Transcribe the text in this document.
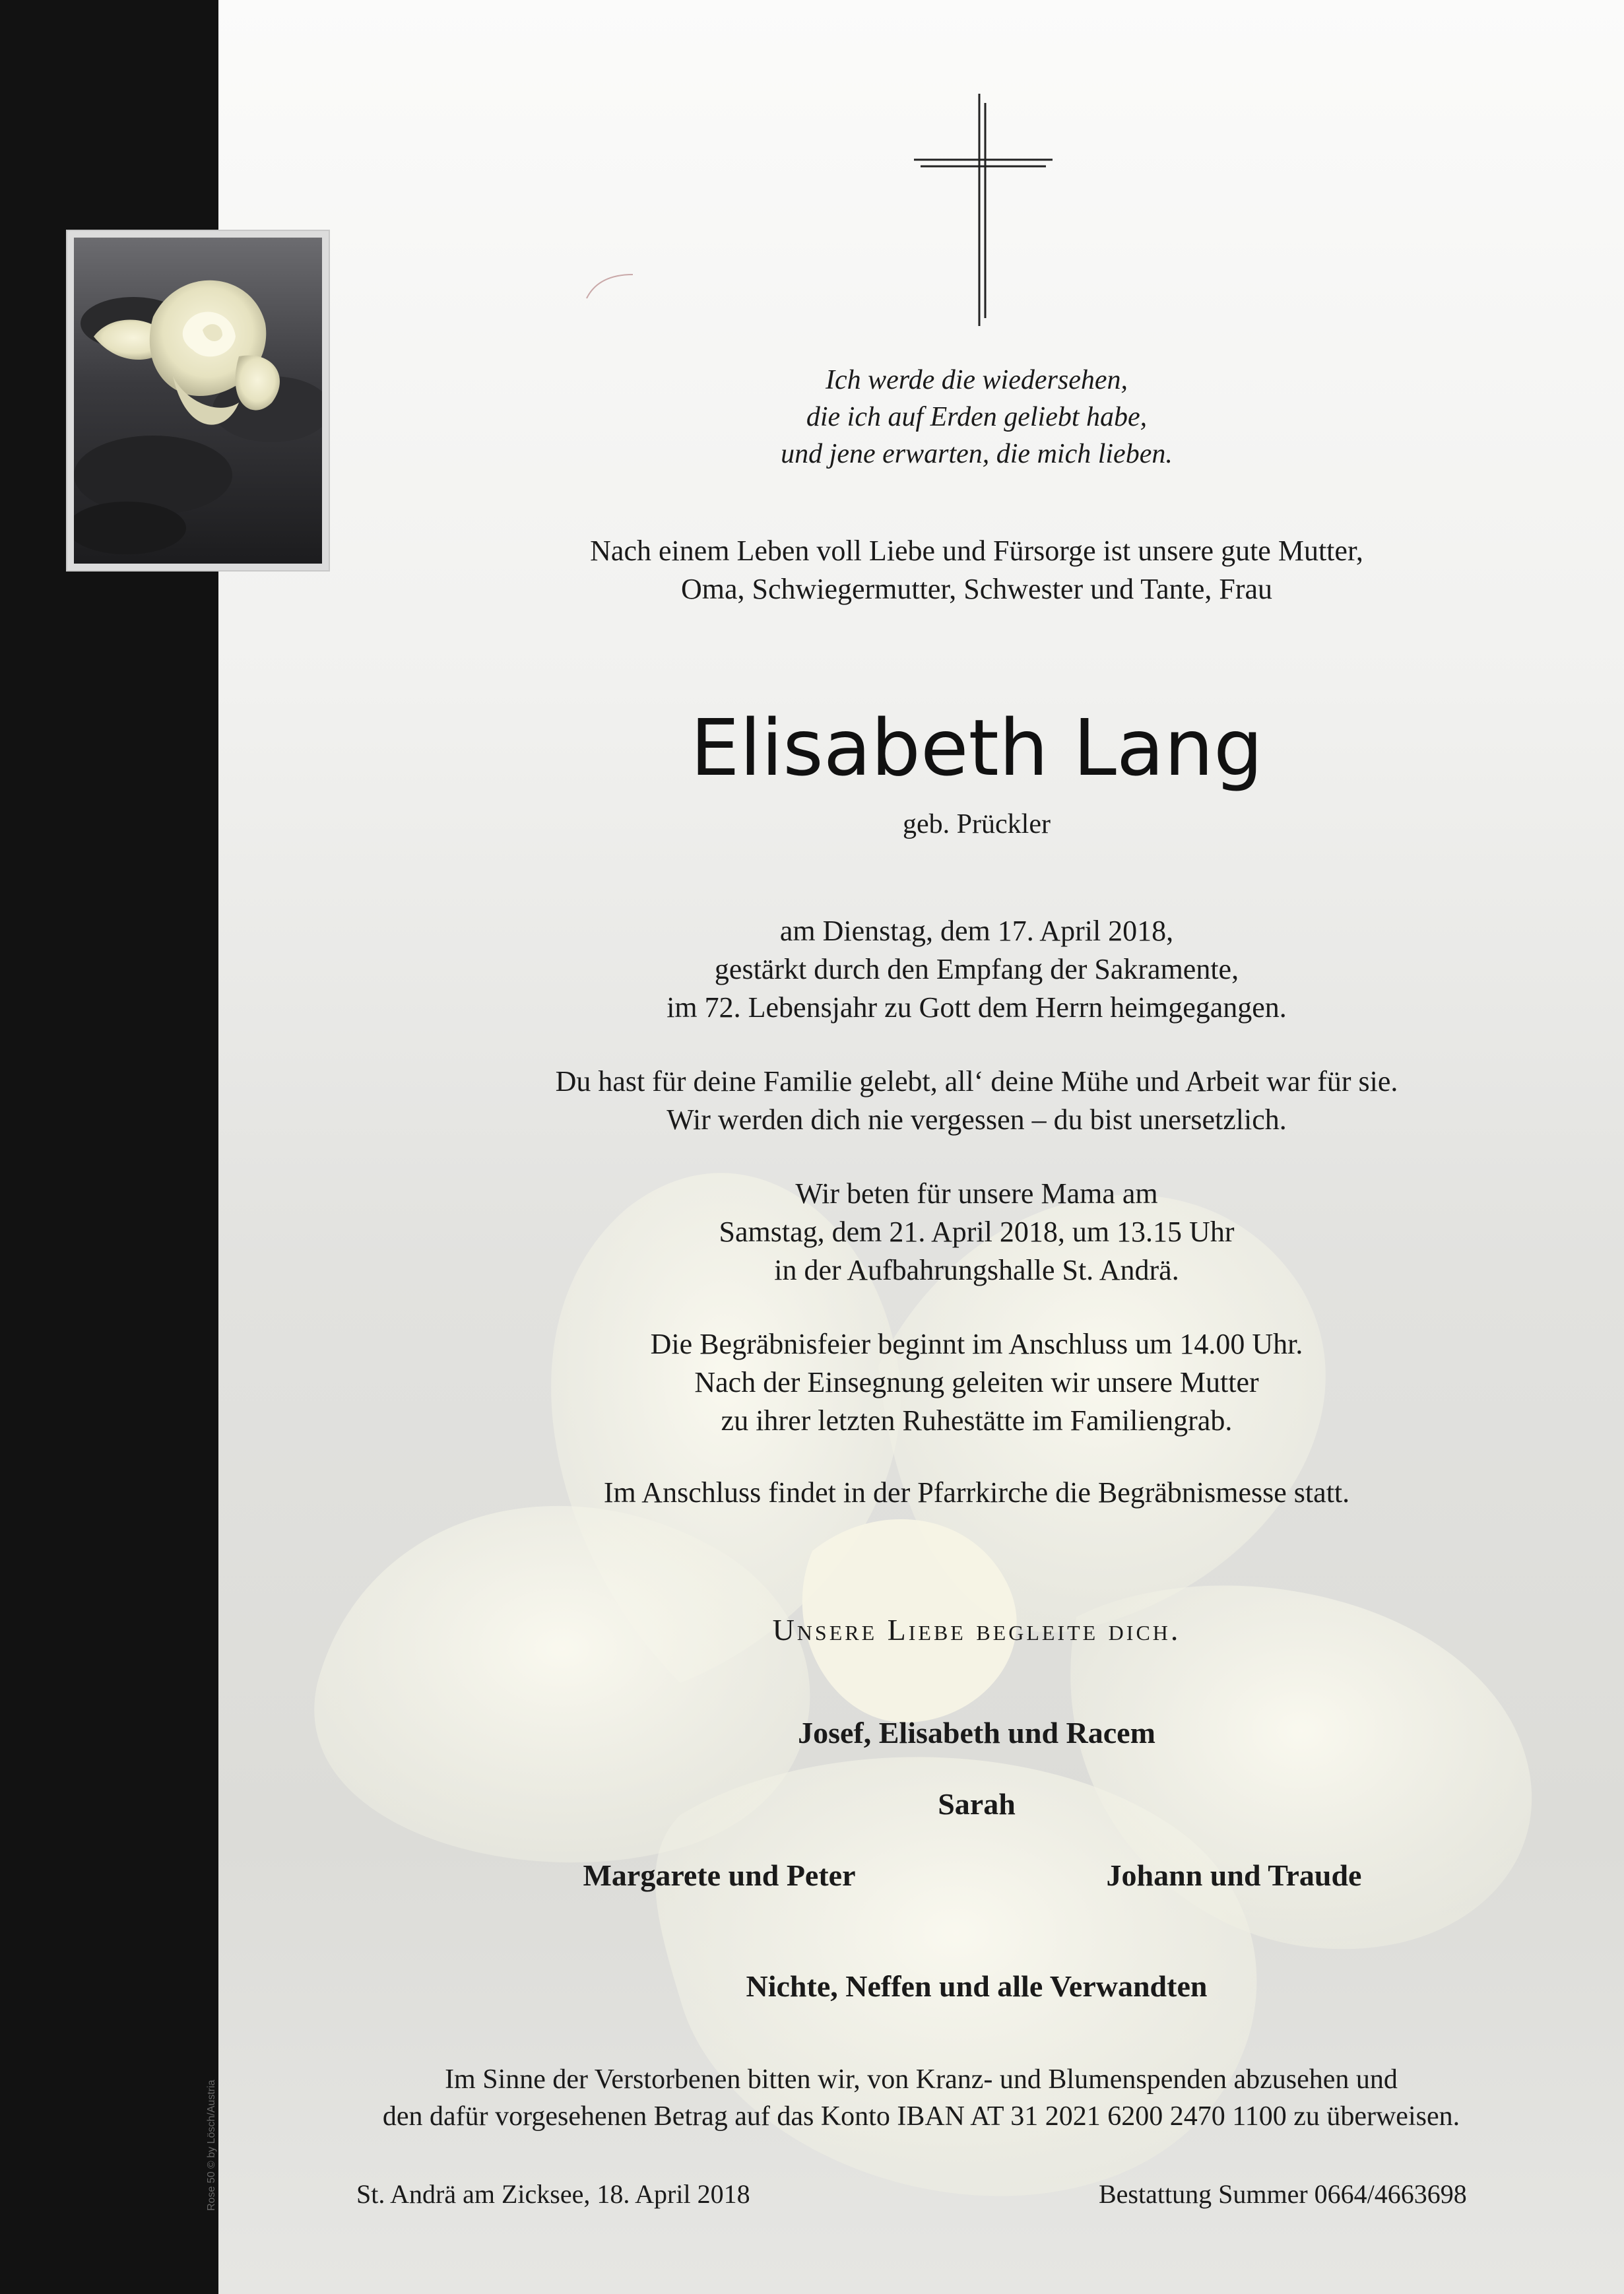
Ich werde die wiedersehen,
die ich auf Erden geliebt habe,
und jene erwarten, die mich lieben.
Nach einem Leben voll Liebe und Fürsorge ist unsere gute Mutter,
Oma, Schwiegermutter, Schwester und Tante, Frau
Elisabeth Lang
geb. Prückler
am Dienstag, dem 17. April 2018,
gestärkt durch den Empfang der Sakramente,
im 72. Lebensjahr zu Gott dem Herrn heimgegangen.
Du hast für deine Familie gelebt, all‘ deine Mühe und Arbeit war für sie.
Wir werden dich nie vergessen – du bist unersetzlich.
Wir beten für unsere Mama am
Samstag, dem 21. April 2018, um 13.15 Uhr
in der Aufbahrungshalle St. Andrä.
Die Begräbnisfeier beginnt im Anschluss um 14.00 Uhr.
Nach der Einsegnung geleiten wir unsere Mutter
zu ihrer letzten Ruhestätte im Familiengrab.
Im Anschluss findet in der Pfarrkirche die Begräbnismesse statt.
Unsere Liebe begleite dich.
Josef, Elisabeth und Racem
Sarah
Margarete und Peter	Johann und Traude
Nichte, Neffen und alle Verwandten
Im Sinne der Verstorbenen bitten wir, von Kranz- und Blumenspenden abzusehen und
den dafür vorgesehenen Betrag auf das Konto IBAN AT 31 2021 6200 2470 1100 zu überweisen.
St. Andrä am Zicksee, 18. April 2018	Bestattung Summer 0664/4663698
Rose 50 © by Lösch/Austria
